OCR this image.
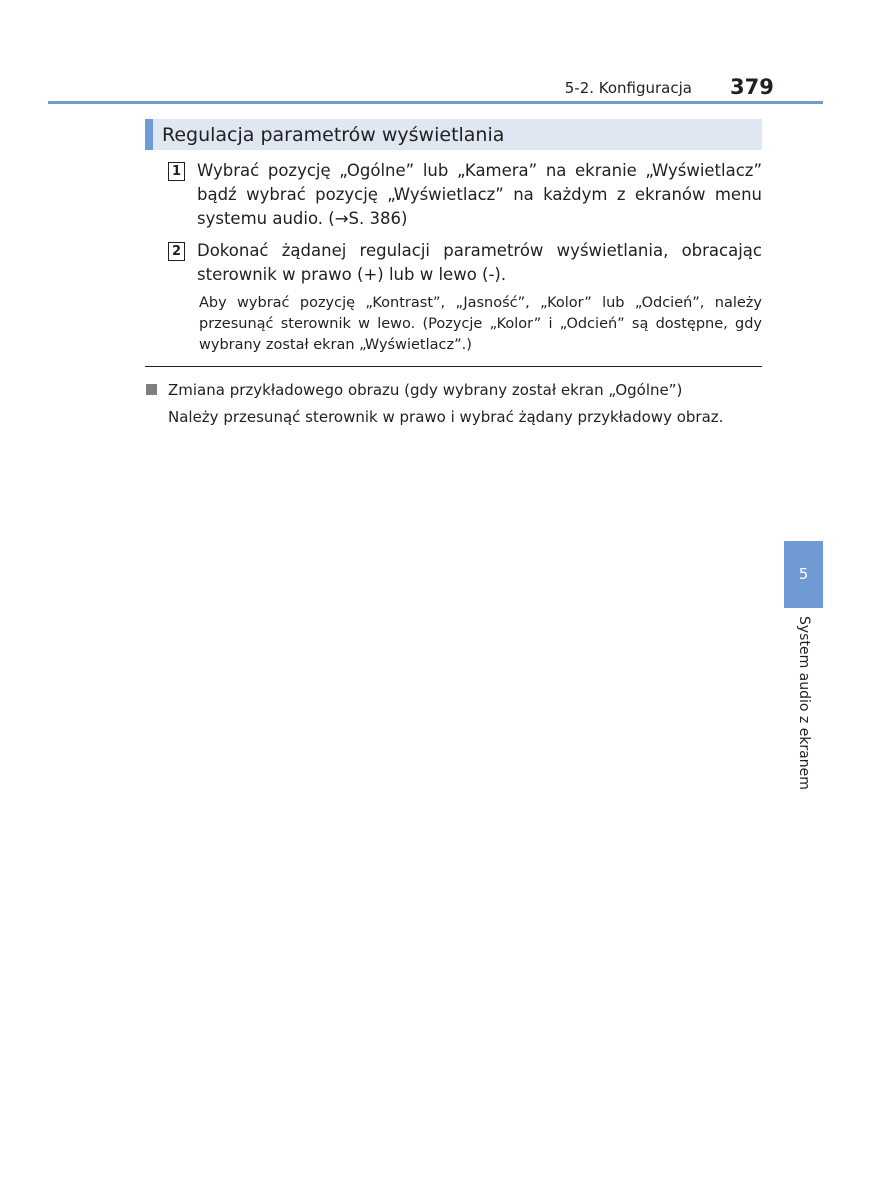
5-2. Konfiguracja 379
Regulacja parametrów wyświetlania
1 Wybrać pozycję „Ogólne” lub „Kamera” na ekranie „Wyświetlacz” bądź wybrać pozycję „Wyświetlacz” na każdym z ekranów menu systemu audio. (→S. 386)
2 Dokonać żądanej regulacji parametrów wyświetlania, obracając sterownik w prawo (+) lub w lewo (-).
Aby wybrać pozycję „Kontrast”, „Jasność”, „Kolor” lub „Odcień”, należy przesunąć sterownik w lewo. (Pozycje „Kolor” i „Odcień” są dostępne, gdy wybrany został ekran „Wyświetlacz”.)
Zmiana przykładowego obrazu (gdy wybrany został ekran „Ogólne”)
Należy przesunąć sterownik w prawo i wybrać żądany przykładowy obraz.
5
System audio z ekranem
